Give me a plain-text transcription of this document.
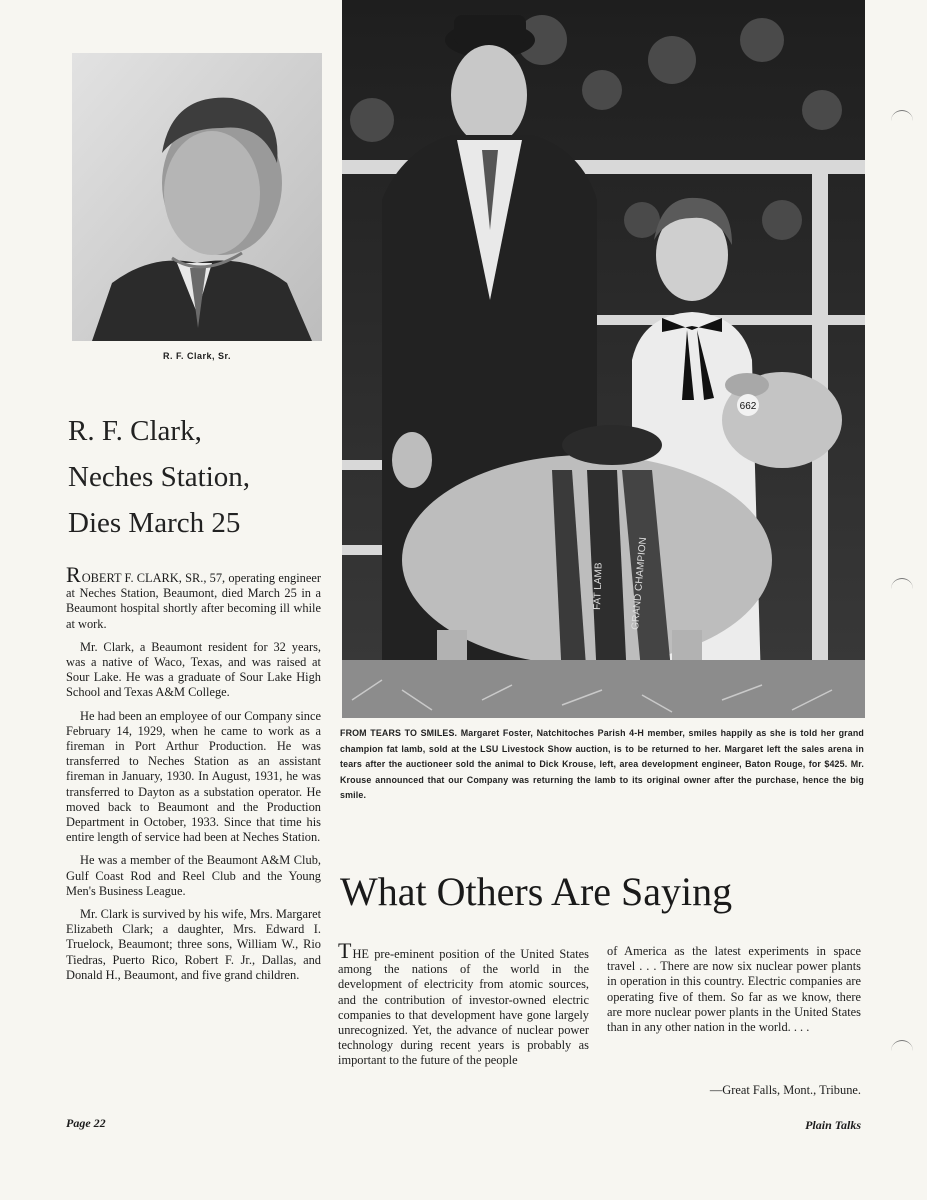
R. F. Clark, Sr.
R. F. Clark,
Neches Station,
Dies March 25

ROBERT F. CLARK, SR., 57, operating engineer at Neches Station, Beaumont, died March 25 in a Beaumont hospital shortly after becoming ill while at work.

Mr. Clark, a Beaumont resident for 32 years, was a native of Waco, Texas, and was raised at Sour Lake. He was a graduate of Sour Lake High School and Texas A&M College.

He had been an employee of our Company since February 14, 1929, when he came to work as a fireman in Port Arthur Production. He was transferred to Neches Station as an assistant fireman in January, 1930. In August, 1931, he was transferred to Dayton as a substation operator. He moved back to Beaumont and the Production Department in October, 1933. Since that time his entire length of service had been at Neches Station.

He was a member of the Beaumont A&M Club, Gulf Coast Rod and Reel Club and the Young Men's Business League.

Mr. Clark is survived by his wife, Mrs. Margaret Elizabeth Clark; a daughter, Mrs. Edward I. Truelock, Beaumont; three sons, William W., Rio Tiedras, Puerto Rico, Robert F. Jr., Dallas, and Donald H., Beaumont, and five grand children.

662
FAT LAMB	GRAND CHAMPION
FROM TEARS TO SMILES. Margaret Foster, Natchitoches Parish 4-H member, smiles happily as she is told her grand champion fat lamb, sold at the LSU Livestock Show auction, is to be returned to her. Margaret left the sales arena in tears after the auctioneer sold the animal to Dick Krouse, left, area development engineer, Baton Rouge, for $425. Mr. Krouse announced that our Company was returning the lamb to its original owner after the purchase, hence the big smile.
What Others Are Saying

THE pre-eminent position of the United States among the nations of the world in the development of electricity from atomic sources, and the contribution of investor-owned electric companies to that development have gone largely unrecognized. Yet, the advance of nuclear power technology during recent years is probably as important to the future of the people

of America as the latest experiments in space travel . . . There are now six nuclear power plants in operation in this country. Electric companies are operating five of them. So far as we know, there are more nuclear power plants in the United States than in any other nation in the world. . . .

—Great Falls, Mont., Tribune.
Page 22	Plain Talks
